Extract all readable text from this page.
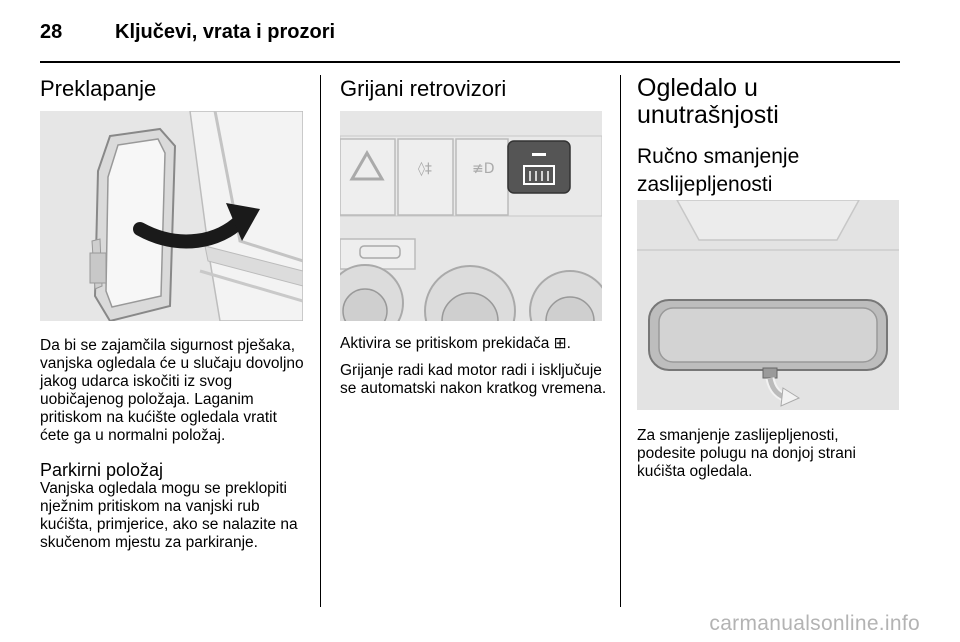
28	Ključevi, vrata i prozori
Preklapanje

Da bi se zajamčila sigurnost pješaka, vanjska ogledala će u slučaju dovoljno jakog udarca iskočiti iz svog uobičajenog položaja. Laganim pritiskom na kućište ogledala vratit ćete ga u normalni položaj.

Parkirni položaj

Vanjska ogledala mogu se preklopiti nježnim pritiskom na vanjski rub kućišta, primjerice, ako se nalazite na skučenom mjestu za parkiranje.

Grijani retrovizori
◊‡	≢D

Aktivira se pritiskom prekidača ⊞.

Grijanje radi kad motor radi i isključuje se automatski nakon kratkog vremena.

Ogledalo u
unutrašnjosti
Ručno smanjenje
zaslijepljenosti

Za smanjenje zaslijepljenosti, podesite polugu na donjoj strani kućišta ogledala.

carmanualsonline.info
